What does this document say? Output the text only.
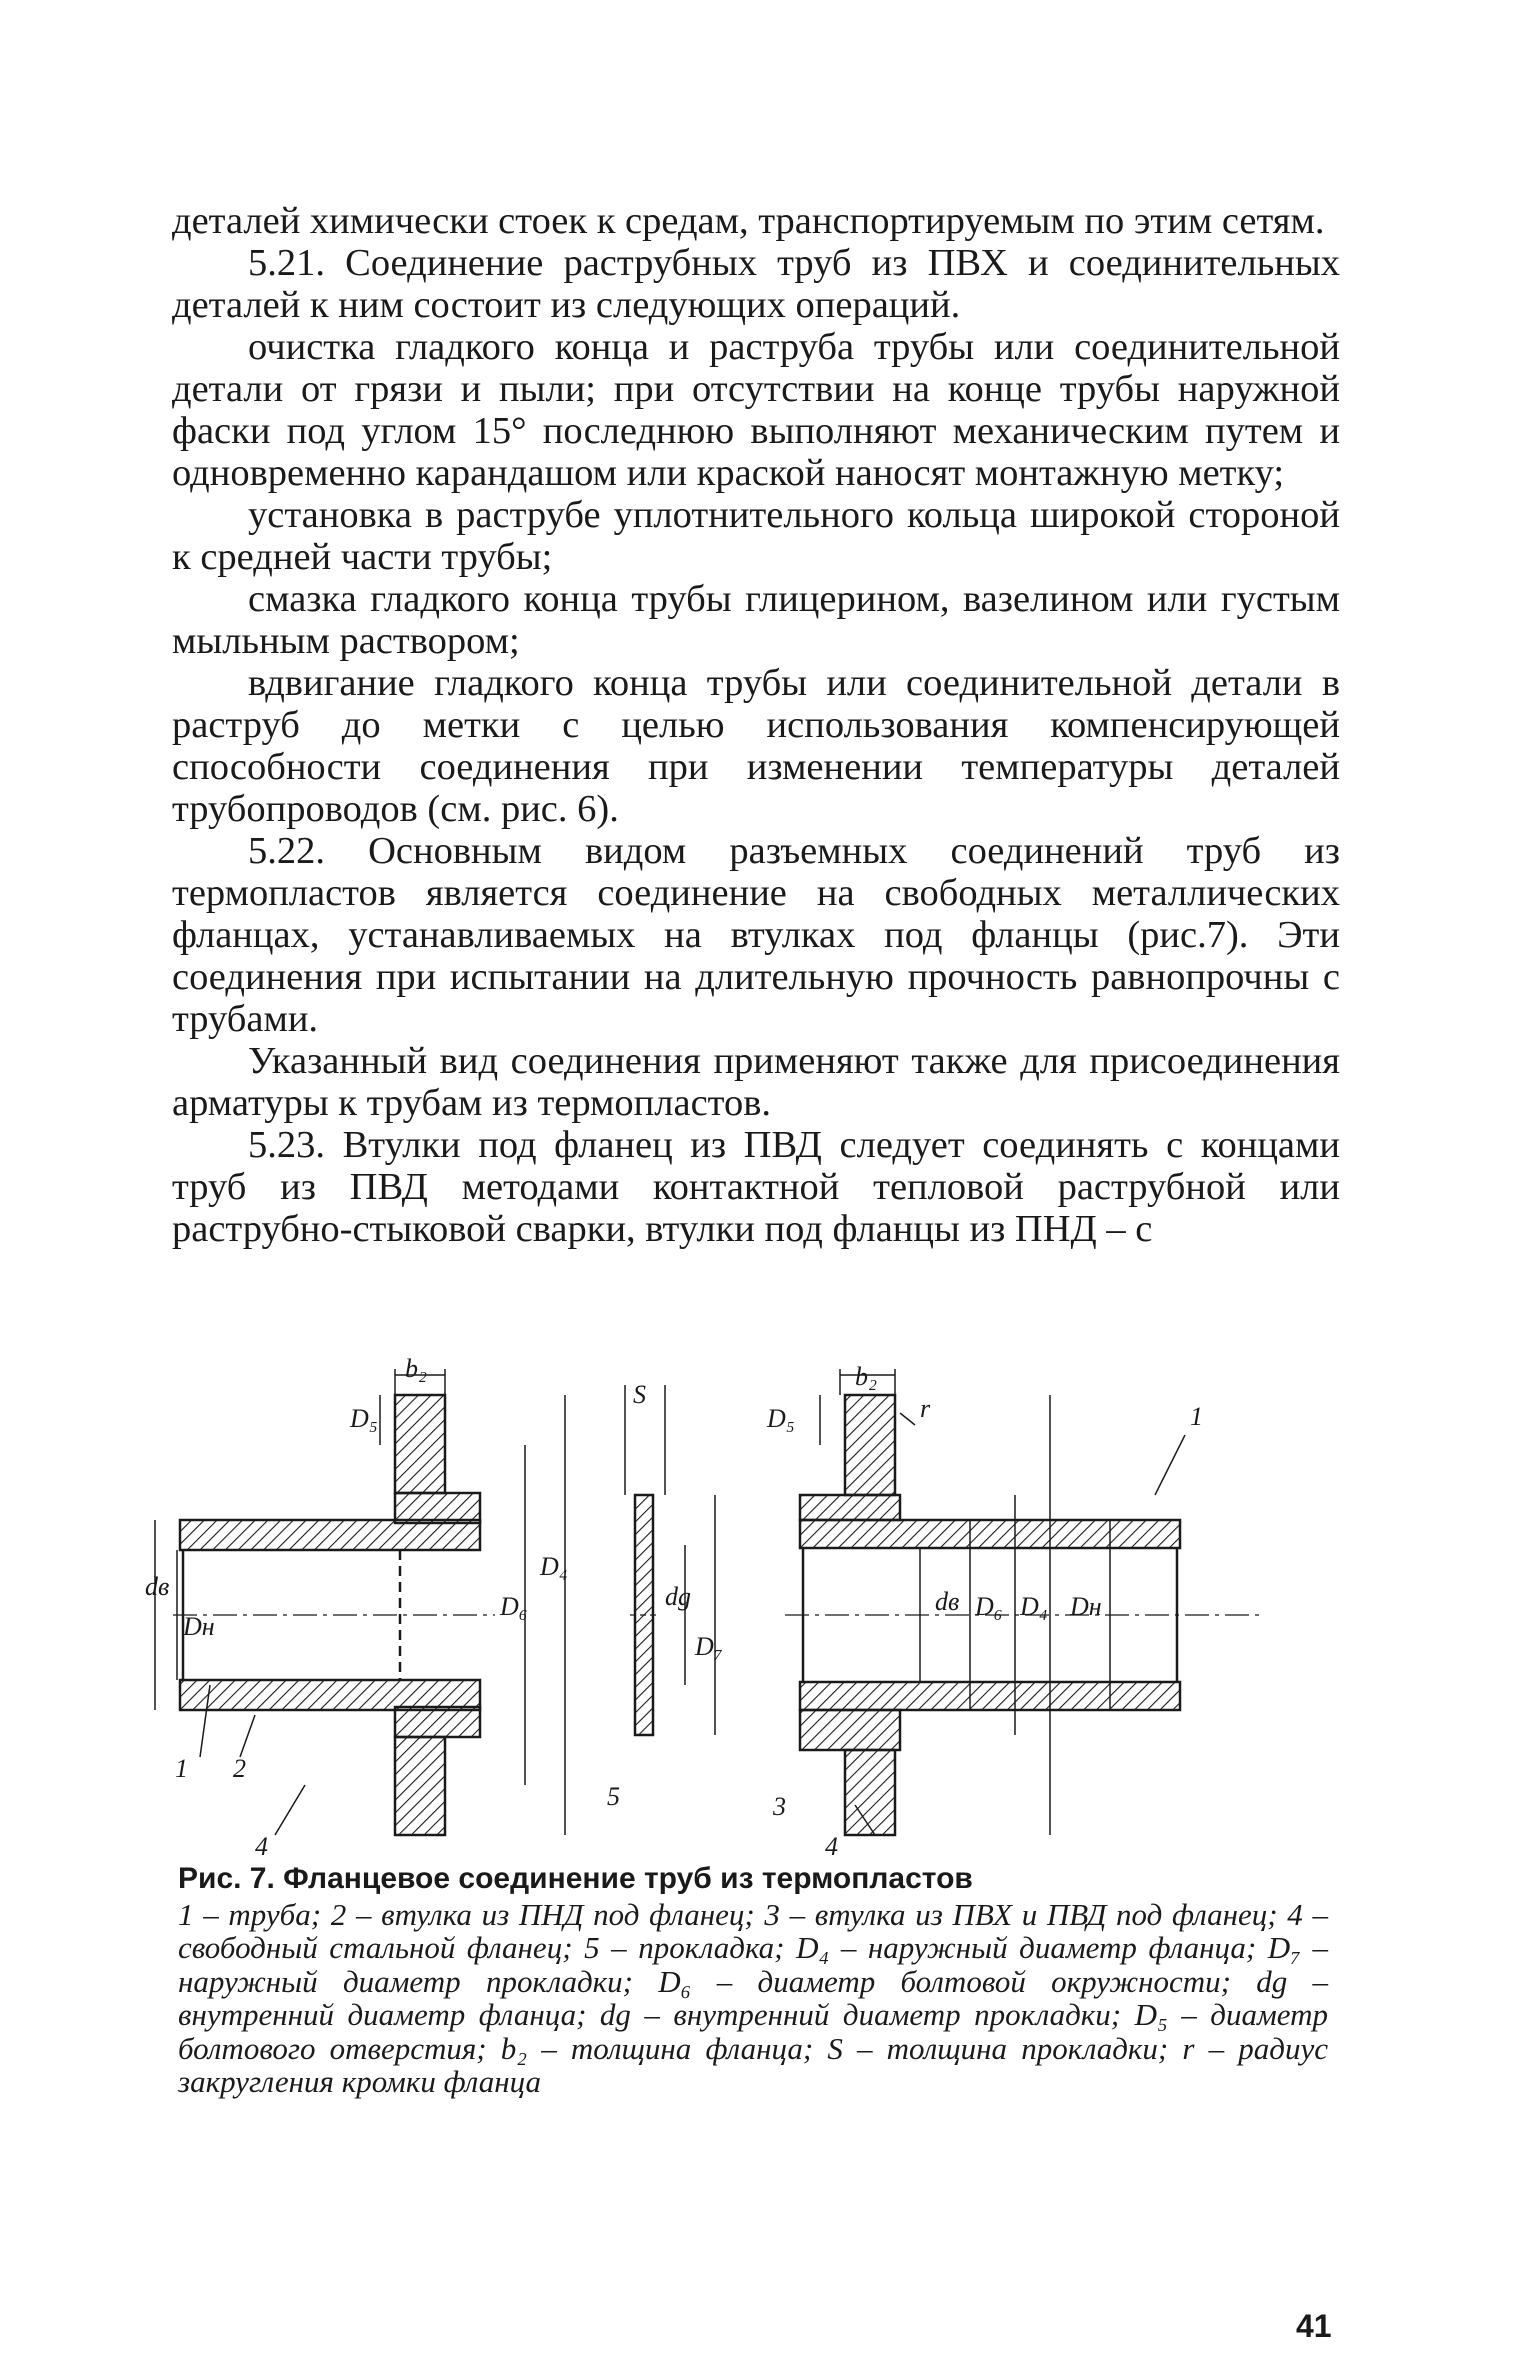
деталей химически стоек к средам, транспортируемым по этим сетям.

5.21. Соединение раструбных труб из ПВХ и соединительных деталей к ним состоит из следующих операций.

очистка гладкого конца и раструба трубы или соединительной детали от грязи и пыли; при отсутствии на конце трубы наружной фаски под углом 15° последнюю выполняют механическим путем и одновременно карандашом или краской наносят монтажную метку;

установка в раструбе уплотнительного кольца широкой стороной к средней части трубы;

смазка гладкого конца трубы глицерином, вазелином или густым мыльным раствором;

вдвигание гладкого конца трубы или соединительной детали в раструб до метки с целью использования компенсирующей способности соединения при изменении температуры деталей трубопроводов (см. рис. 6).

5.22. Основным видом разъемных соединений труб из термопластов является соединение на свободных металлических фланцах, устанавливаемых на втулках под фланцы (рис.7). Эти соединения при испытании на длительную прочность равнопрочны с трубами.

Указанный вид соединения применяют также для присоединения арматуры к трубам из термопластов.

5.23. Втулки под фланец из ПВД следует соединять с концами труб из ПВД методами контактной тепловой раструбной или раструбно-стыковой сварки, втулки под фланцы из ПНД – с

b₂
D₅
dв
Dн
D₆
D₄
1 2
4
S
dg
D₇
5
b₂
D₅	r
dв D₆ D₄ Dн
1
3
4

Рис. 7. Фланцевое соединение труб из термопластов

1 – труба; 2 – втулка из ПНД под фланец; 3 – втулка из ПВХ и ПВД под фланец; 4 – свободный стальной фланец; 5 – прокладка; D₄ – наружный диаметр фланца; D₇ – наружный диаметр прокладки; D₆ – диаметр болтовой окружности; dg – внутренний диаметр фланца; dg – внутренний диаметр прокладки; D₅ – диаметр болтового отверстия; b₂ – толщина фланца; S – толщина прокладки; r – радиус закругления кромки фланца

41
